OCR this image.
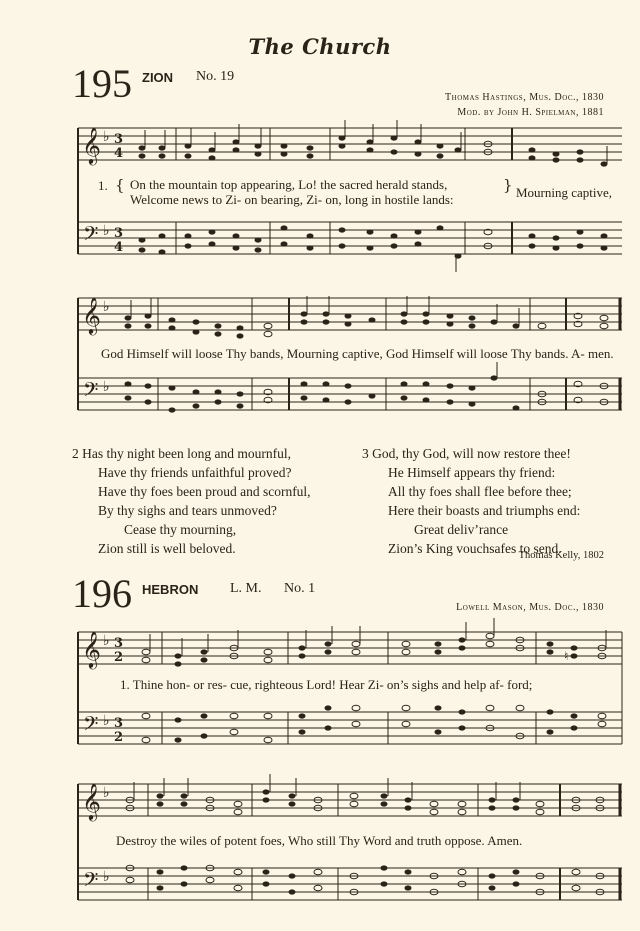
The Church
195 ZION No. 19
Thomas Hastings, Mus. Doc., 1830
Mod. by John H. Spielman, 1881
𝄞
𝄢
♭
♭
3
4
3
4
1. { On the mountain top appearing, Lo! the sacred herald stands,
Welcome news to Zi- on bearing, Zi- on, long in hostile lands:
} Mourning captive,
𝄞
𝄢
♭
♭
God Himself will loose Thy bands, Mourning captive, God Himself will loose Thy bands. A- men.
2 Has thy night been long and mournful,
Have thy friends unfaithful proved?
Have thy foes been proud and scornful,
By thy sighs and tears unmoved?
Cease thy mourning,
Zion still is well beloved.
3 God, thy God, will now restore thee!
He Himself appears thy friend:
All thy foes shall flee before thee;
Here their boasts and triumphs end:
Great deliv’rance
Zion’s King vouchsafes to send.
Thomas Kelly, 1802
196 HEBRON L. M. No. 1
Lowell Mason, Mus. Doc., 1830
𝄞
𝄢
♭
♭
3
2
3
2
♮
1. Thine hon- or res- cue, righteous Lord! Hear Zi- on’s sighs and help af- ford;
𝄞
𝄢
♭
♭
Destroy the wiles of potent foes, Who still Thy Word and truth oppose. Amen.
